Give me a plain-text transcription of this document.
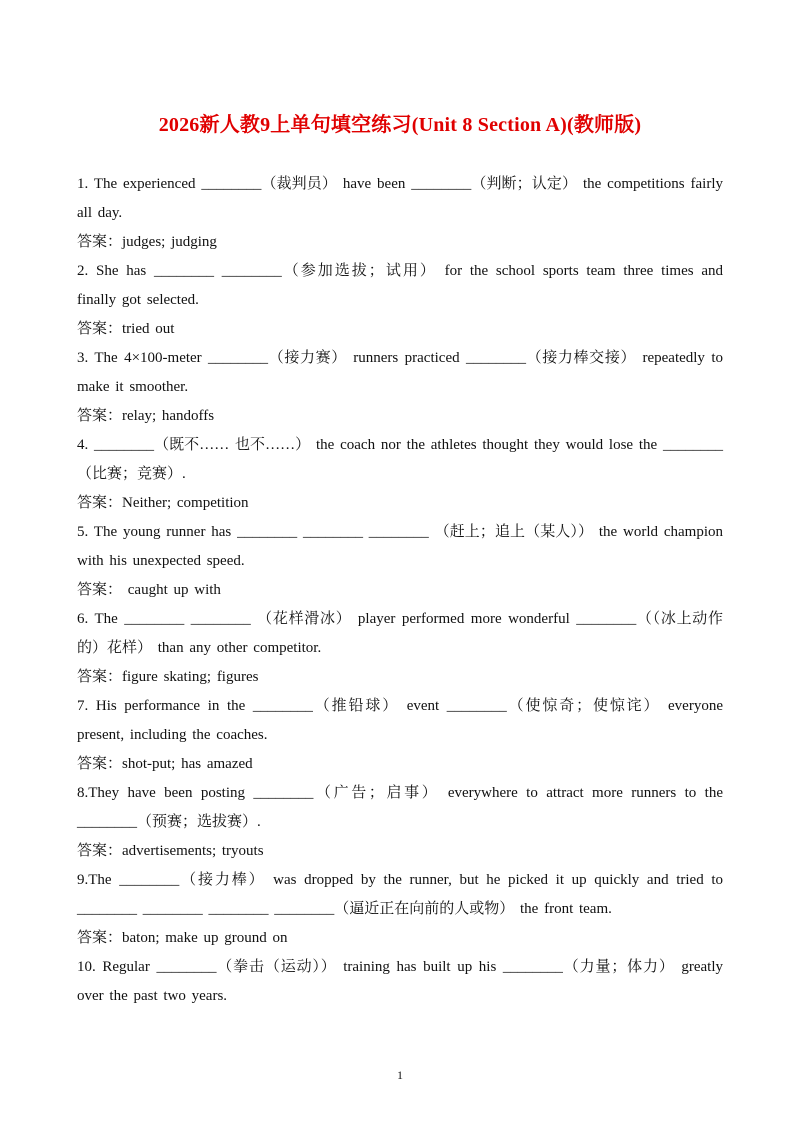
2026新人教9上单句填空练习(Unit 8 Section A)(教师版)

1. The experienced ________（裁判员） have been ________（判断；认定） the competitions fairly all day.

答案：judges; judging

2. She has ________ ________（参加选拔；试用） for the school sports team three times and finally got selected.

答案：tried out

3. The 4×100-meter ________（接力赛） runners practiced ________（接力棒交接） repeatedly to make it smoother.

答案：relay; handoffs

4. ________（既不…… 也不……） the coach nor the athletes thought they would lose the ________（比赛；竞赛）.

答案：Neither; competition

5. The young runner has ________ ________ ________ （赶上；追上（某人）） the world champion with his unexpected speed.

答案： caught up with

6. The ________ ________ （花样滑冰） player performed more wonderful ________（（冰上动作的）花样） than any other competitor.

答案：figure skating; figures

7. His performance in the ________（推铅球） event ________（使惊奇；使惊诧） everyone present, including the coaches.

答案：shot-put; has amazed

8.They have been posting ________（广告；启事） everywhere to attract more runners to the ________（预赛；选拔赛）.

答案：advertisements; tryouts

9.The ________（接力棒） was dropped by the runner, but he picked it up quickly and tried to ________ ________ ________ ________（逼近正在向前的人或物） the front team.

答案：baton; make up ground on

10. Regular ________（拳击（运动）） training has built up his ________（力量；体力） greatly over the past two years.

1
